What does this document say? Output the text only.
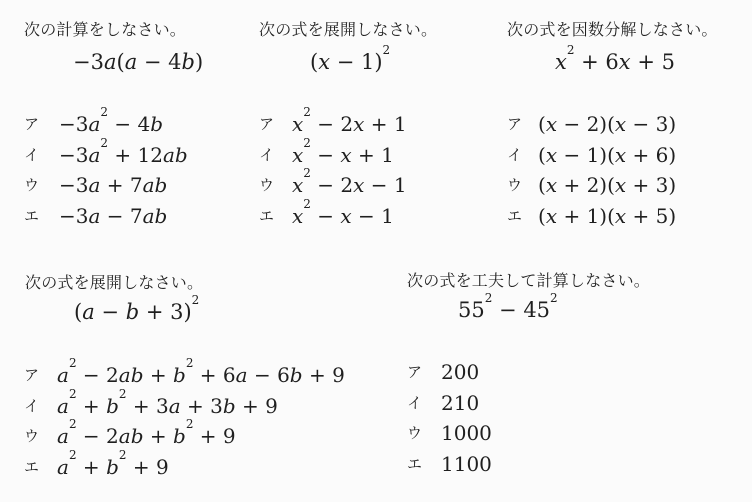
次の計算をしなさい。
−3a(a − 4b)
ア $-3a^2 - 4b$
イ $-3a^2 + 12ab$
ウ −3a + 7ab
エ −3a − 7ab
次の式を展開しなさい。
$(x - 1)^2$
ア $x^2 - 2x + 1$
イ $x^2 - x + 1$
ウ $x^2 - 2x - 1$
エ $x^2 - x - 1$
次の式を因数分解しなさい。
$x^2 + 6x + 5$
ア (x − 2)(x − 3)
イ (x − 1)(x + 6)
ウ (x + 2)(x + 3)
エ (x + 1)(x + 5)
次の式を展開しなさい。
$(a - b + 3)^2$
ア $a^2 - 2ab + b^2 + 6a - 6b + 9$
イ $a^2 + b^2 + 3a + 3b + 9$
ウ $a^2 - 2ab + b^2 + 9$
エ $a^2 + b^2 + 9$
次の式を工夫して計算しなさい。
$55^2 - 45^2$
ア 200
イ 210
ウ 1000
エ 1100
